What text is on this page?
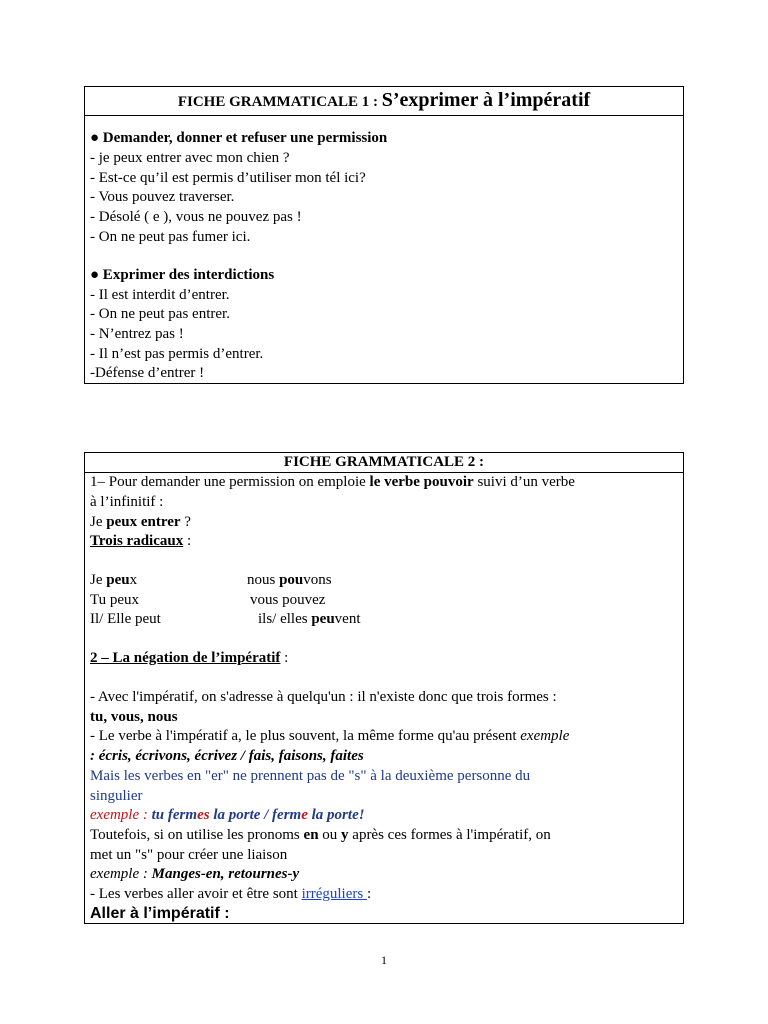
FICHE GRAMMATICALE 1 : S’exprimer à l’impératif
● Demander, donner et refuser une permission
- je peux entrer avec mon chien ?
- Est-ce qu’il est permis d’utiliser mon tél ici?
- Vous pouvez traverser.
- Désolé ( e ), vous ne pouvez pas !
- On ne peut pas fumer ici.
● Exprimer des interdictions
- Il est interdit d’entrer.
- On ne peut pas entrer.
- N’entrez pas !
- Il n’est pas permis d’entrer.
-Défense d’entrer !
FICHE GRAMMATICALE 2 :
1– Pour demander une permission on emploie le verbe pouvoir suivi d’un verbe
à l’infinitif :
Je peux entrer ?
Trois radicaux :
Je peux	nous pouvons
Tu peux	vous pouvez
Il/ Elle peut	ils/ elles peuvent
2 – La négation de l’impératif :
- Avec l'impératif, on s'adresse à quelqu'un : il n'existe donc que trois formes :
tu, vous, nous
- Le verbe à l'impératif a, le plus souvent, la même forme qu'au présent exemple
: écris, écrivons, écrivez / fais, faisons, faites
Mais les verbes en "er" ne prennent pas de "s" à la deuxième personne du
singulier
exemple : tu fermes la porte / ferme la porte!
Toutefois, si on utilise les pronoms en ou y après ces formes à l'impératif, on
met un "s" pour créer une liaison
exemple : Manges-en, retournes-y
- Les verbes aller avoir et être sont irréguliers :
Aller à l’impératif :
1
